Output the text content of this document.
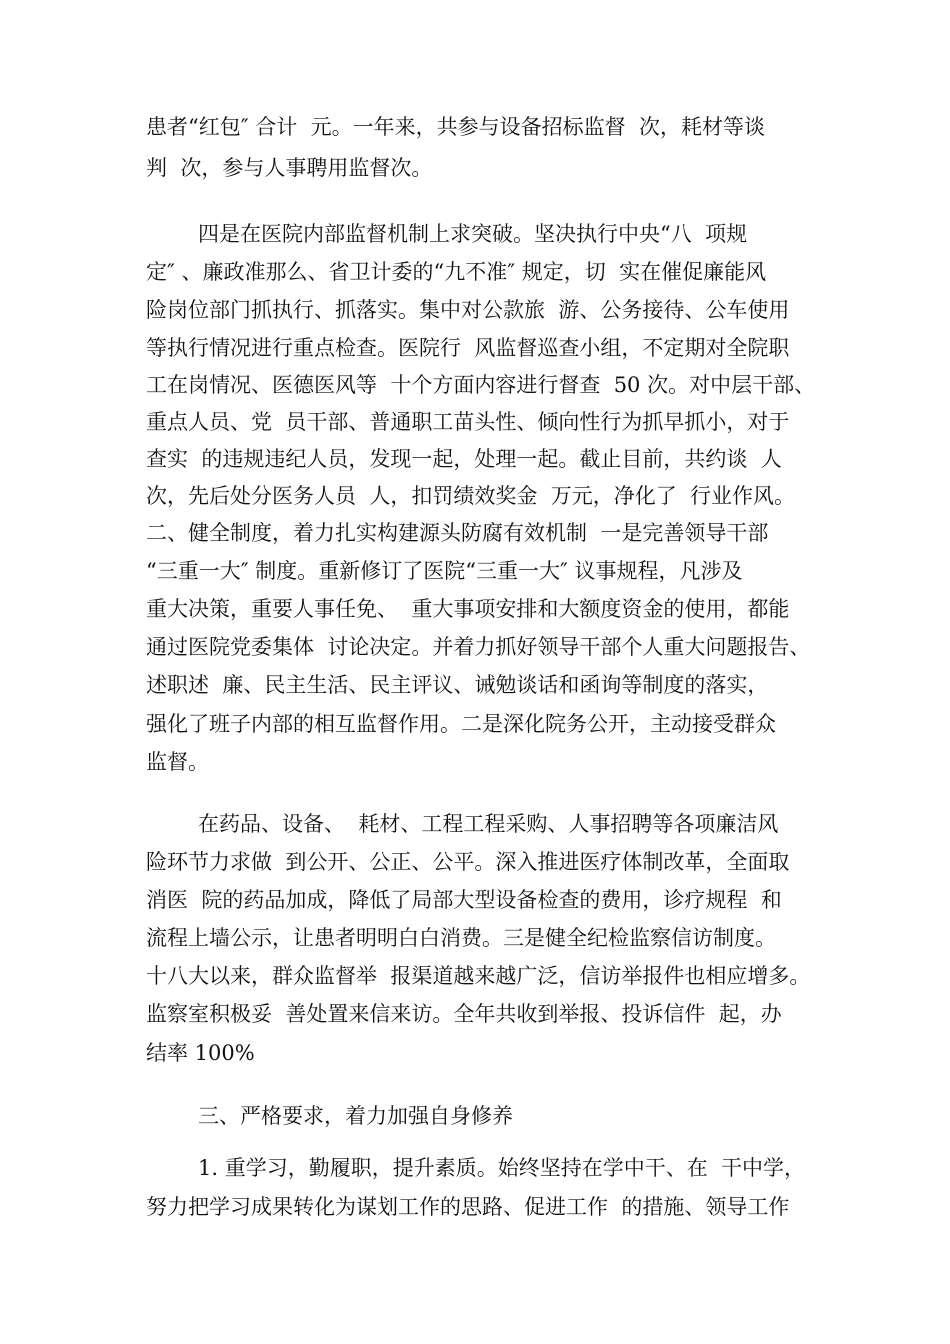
患者“红包″ 合计  元。一年来，共参与设备招标监督  次，耗材等谈
判  次，参与人事聘用监督次。
四是在医院内部监督机制上求突破。坚决执行中央“八  项规
定″ 、廉政准那么、省卫计委的“九不准″ 规定，切  实在催促廉能风
险岗位部门抓执行、抓落实。集中对公款旅  游、公务接待、公车使用
等执行情况进行重点检查。医院行  风监督巡查小组，不定期对全院职
工在岗情况、医德医风等  十个方面内容进行督查  50 次。对中层干部、
重点人员、党  员干部、普通职工苗头性、倾向性行为抓早抓小，对于
查实  的违规违纪人员，发现一起，处理一起。截止目前，共约谈  人
次，先后处分医务人员  人，扣罚绩效奖金  万元，净化了  行业作风。
二、健全制度，着力扎实构建源头防腐有效机制  一是完善领导干部
“三重一大″ 制度。重新修订了医院“三重一大″ 议事规程，凡涉及
重大决策，重要人事任免、  重大事项安排和大额度资金的使用，都能
通过医院党委集体  讨论决定。并着力抓好领导干部个人重大问题报告、
述职述  廉、民主生活、民主评议、诫勉谈话和函询等制度的落实，
强化了班子内部的相互监督作用。二是深化院务公开，主动接受群众
监督。
在药品、设备、  耗材、工程工程采购、人事招聘等各项廉洁风
险环节力求做  到公开、公正、公平。深入推进医疗体制改革，全面取
消医  院的药品加成，降低了局部大型设备检查的费用，诊疗规程  和
流程上墙公示，让患者明明白白消费。三是健全纪检监察信访制度。
十八大以来，群众监督举  报渠道越来越广泛，信访举报件也相应增多。
监察室积极妥  善处置来信来访。全年共收到举报、投诉信件  起，办
结率 100%
三、严格要求，着力加强自身修养
1. 重学习，勤履职，提升素质。始终坚持在学中干、在  干中学，
努力把学习成果转化为谋划工作的思路、促进工作  的措施、领导工作
